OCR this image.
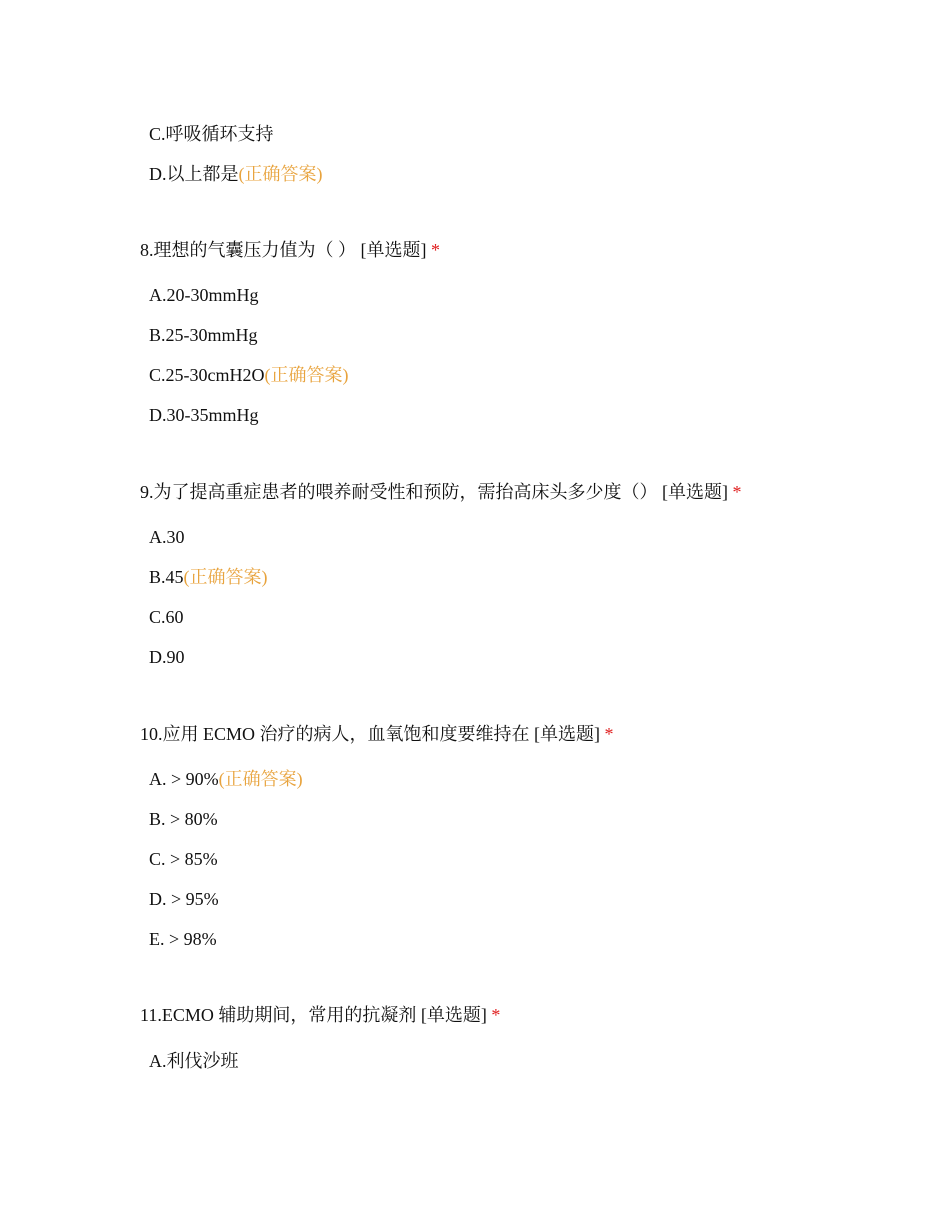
C.呼吸循环支持
D.以上都是(正确答案)
8.理想的气囊压力值为（ ） [单选题] *
A.20-30mmHg
B.25-30mmHg
C.25-30cmH2O(正确答案)
D.30-35mmHg
9.为了提高重症患者的喂养耐受性和预防，需抬高床头多少度（） [单选题] *
A.30
B.45(正确答案)
C.60
D.90
10.应用 ECMO 治疗的病人，血氧饱和度要维持在 [单选题] *
A. > 90%(正确答案)
B. > 80%
C. > 85%
D. > 95%
E. > 98%
11.ECMO 辅助期间，常用的抗凝剂 [单选题] *
A.利伐沙班
